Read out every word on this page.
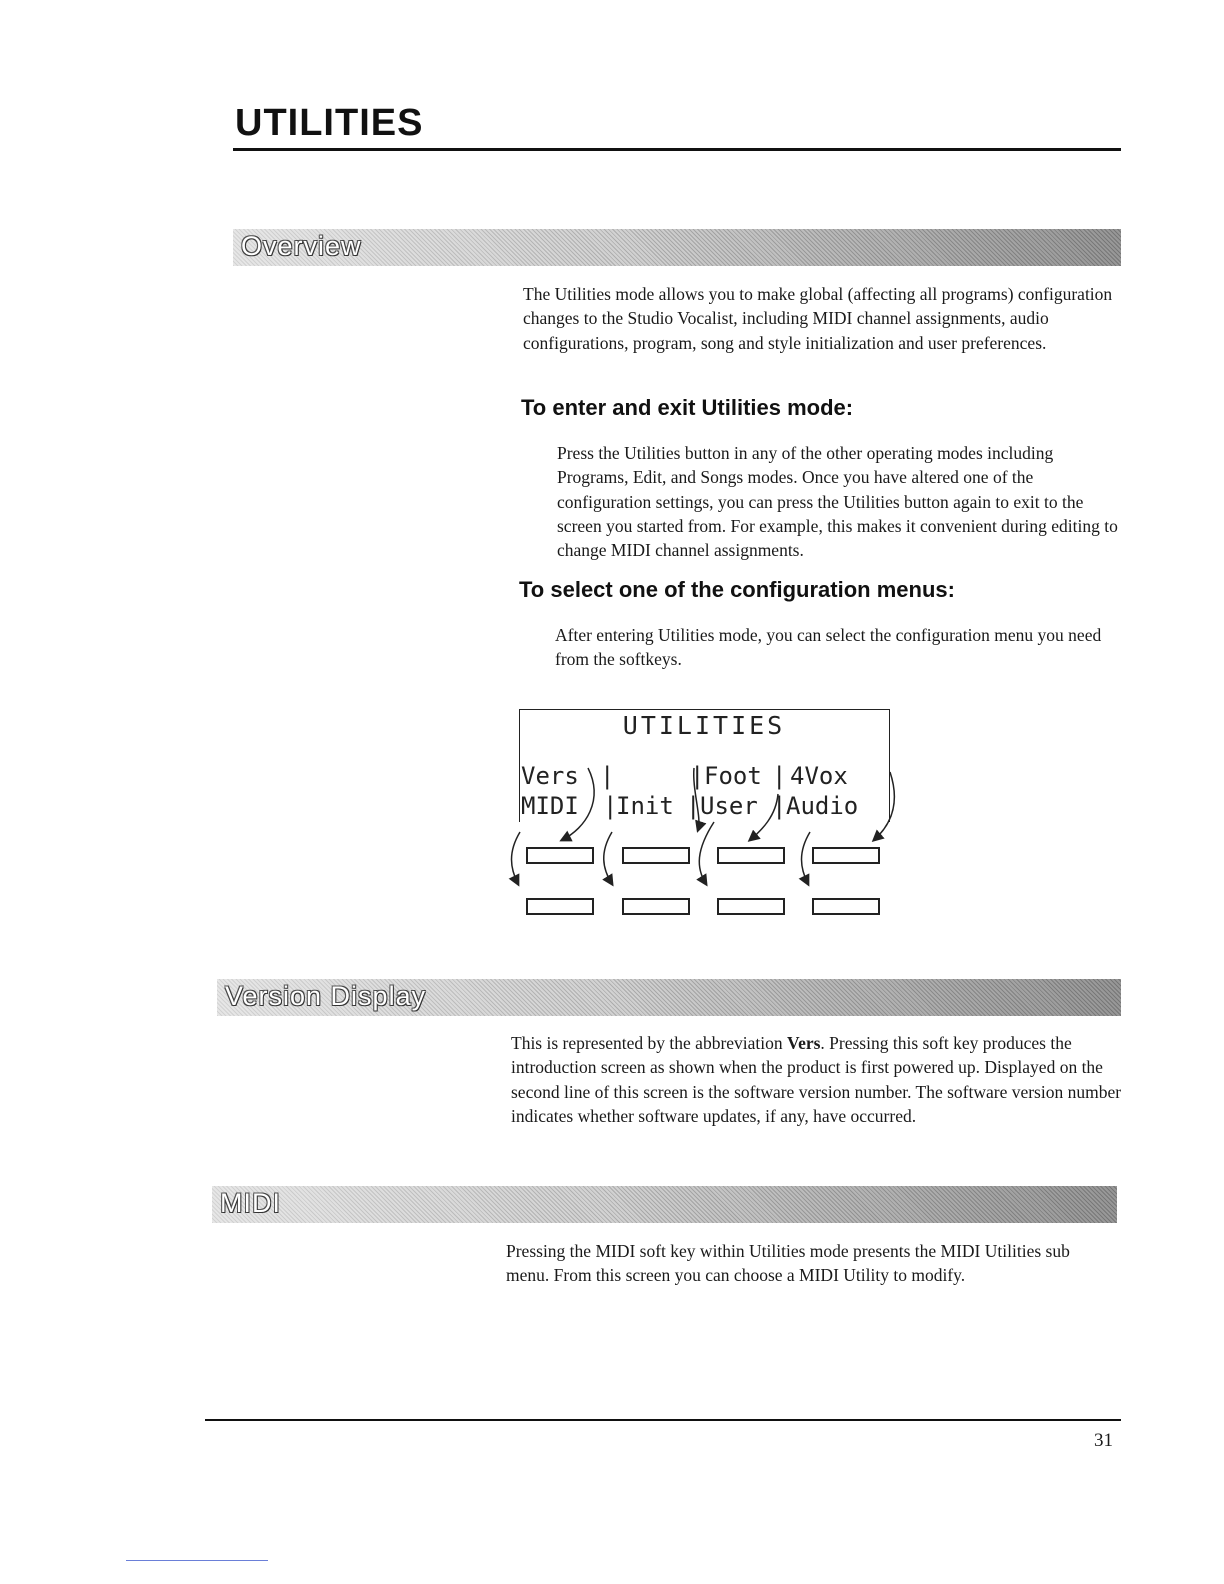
UTILITIES
Overview

The Utilities mode allows you to make global (affecting all programs) configuration changes to the Studio Vocalist, including MIDI channel assignments, audio configurations, program, song and style initialization and user preferences.

To enter and exit Utilities mode:

Press the Utilities button in any of the other operating modes including Programs, Edit, and Songs modes. Once you have altered one of the configuration settings, you can press the Utilities button again to exit to the screen you started from. For example, this makes it convenient during editing to change MIDI channel assignments.

To select one of the configuration menus:

After entering Utilities mode, you can select the configuration menu you need from the softkeys.

UTILITIES
Vers |	| Foot | 4Vox
MIDI |
Init | User | Audio
Version Display

This is represented by the abbreviation Vers. Pressing this soft key produces the introduction screen as shown when the product is first powered up. Displayed on the second line of this screen is the software version number. The software version number indicates whether software updates, if any, have occurred.

MIDI

Pressing the MIDI soft key within Utilities mode presents the MIDI Utilities sub menu. From this screen you can choose a MIDI Utility to modify.

31
